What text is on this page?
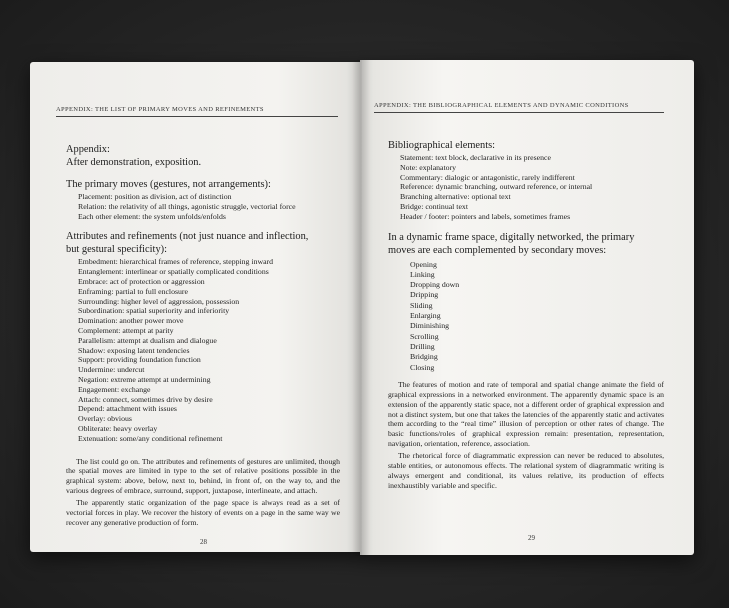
APPENDIX: THE LIST OF PRIMARY MOVES AND REFINEMENTS

Appendix:

After demonstration, exposition.

The primary moves (gestures, not arrangements):

Placement: position as division, act of distinction
Relation: the relativity of all things, agonistic struggle, vectorial force
Each other element: the system unfolds/enfolds

Attributes and refinements (not just nuance and inflection,

but gestural specificity):

Embedment: hierarchical frames of reference, stepping inward
Entanglement: interlinear or spatially complicated conditions
Embrace: act of protection or aggression
Enframing: partial to full enclosure
Surrounding: higher level of aggression, possession
Subordination: spatial superiority and inferiority
Domination: another power move
Complement: attempt at parity
Parallelism: attempt at dualism and dialogue
Shadow: exposing latent tendencies
Support: providing foundation function
Undermine: undercut
Negation: extreme attempt at undermining
Engagement: exchange
Attach: connect, sometimes drive by desire
Depend: attachment with issues
Overlay: obvious
Obliterate: heavy overlay
Extenuation: some/any conditional refinement

The list could go on. The attributes and refinements of gestures are unlimited, though the spatial moves are limited in type to the set of relative positions possible in the graphical system: above, below, next to, behind, in front of, on the way to, and the various degrees of embrace, surround, support, juxtapose, interlineate, and attach.

The apparently static organization of the page space is always read as a set of vectorial forces in play. We recover the history of events on a page in the same way we recover any generative production of form.

28
APPENDIX: THE BIBLIOGRAPHICAL ELEMENTS AND DYNAMIC CONDITIONS

Bibliographical elements:

Statement: text block, declarative in its presence
Note: explanatory
Commentary: dialogic or antagonistic, rarely indifferent
Reference: dynamic branching, outward reference, or internal
Branching alternative: optional text
Bridge: continual text
Header / footer: pointers and labels, sometimes frames

In a dynamic frame space, digitally networked, the primary

moves are each complemented by secondary moves:

Opening
Linking
Dropping down
Dripping
Sliding
Enlarging
Diminishing
Scrolling
Drilling
Bridging
Closing

The features of motion and rate of temporal and spatial change animate the field of graphical expressions in a networked environment. The apparently dynamic space is an extension of the apparently static space, not a different order of graphical expression and not a distinct system, but one that takes the latencies of the apparently static and activates them according to the “real time” illusion of perception or other rates of change. The basic functions/roles of graphical expression remain: presentation, representation, navigation, orientation, reference, association.

The rhetorical force of diagrammatic expression can never be reduced to absolutes, stable entities, or autonomous effects. The relational system of diagrammatic writing is always emergent and conditional, its values relative, its production of effects inexhaustibly variable and specific.

29
